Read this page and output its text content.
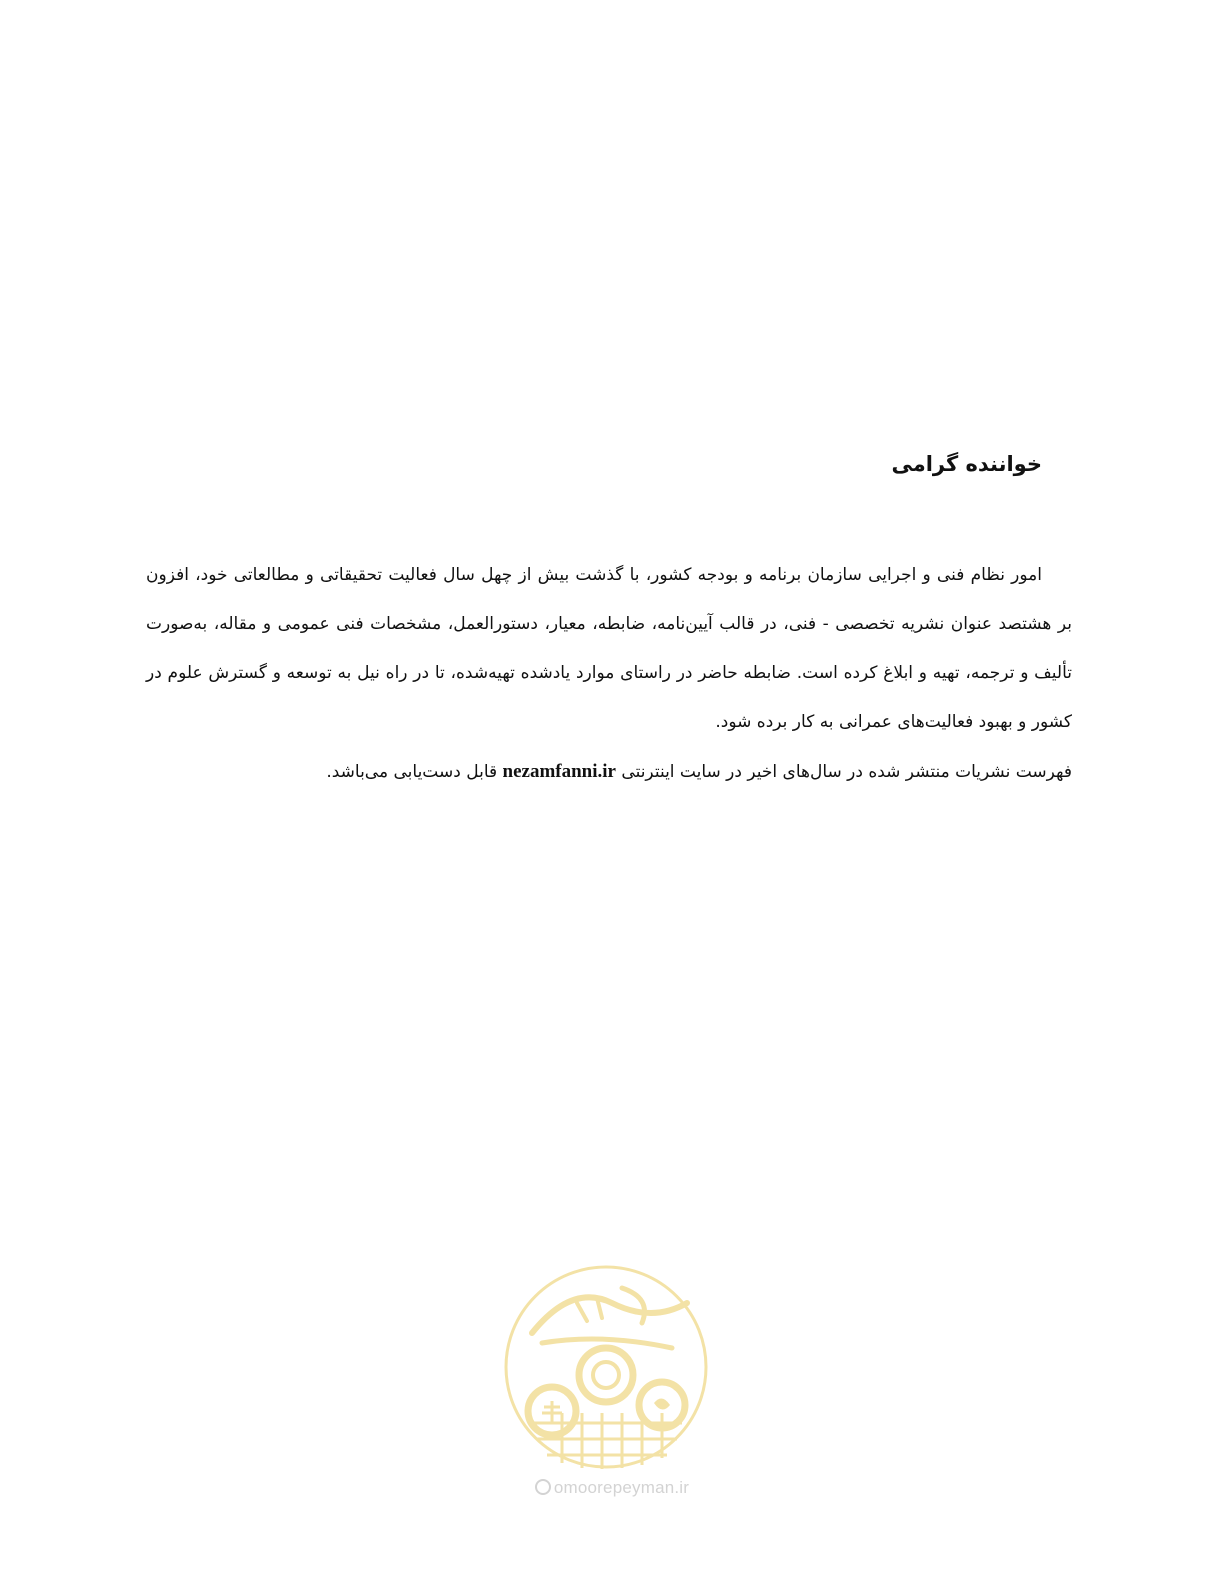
خواننده گرامی

امور نظام فنی و اجرایی سازمان برنامه و بودجه کشور، با گذشت بیش از چهل سال فعالیت تحقیقاتی و مطالعاتی خود، افزون بر هشتصد عنوان نشریه تخصصی - فنی، در قالب آیین‌نامه، ضابطه، معیار، دستورالعمل، مشخصات فنی عمومی و مقاله، به‌صورت تألیف و ترجمه، تهیه و ابلاغ کرده است. ضابطه حاضر در راستای موارد یادشده تهیه‌شده، تا در راه نیل به توسعه و گسترش علوم در کشور و بهبود فعالیت‌های عمرانی به کار برده شود.

فهرست نشریات منتشر شده در سال‌های اخیر در سایت اینترنتی nezamfanni.ir قابل دست‌یابی می‌باشد.

omoorepeyman.ir
